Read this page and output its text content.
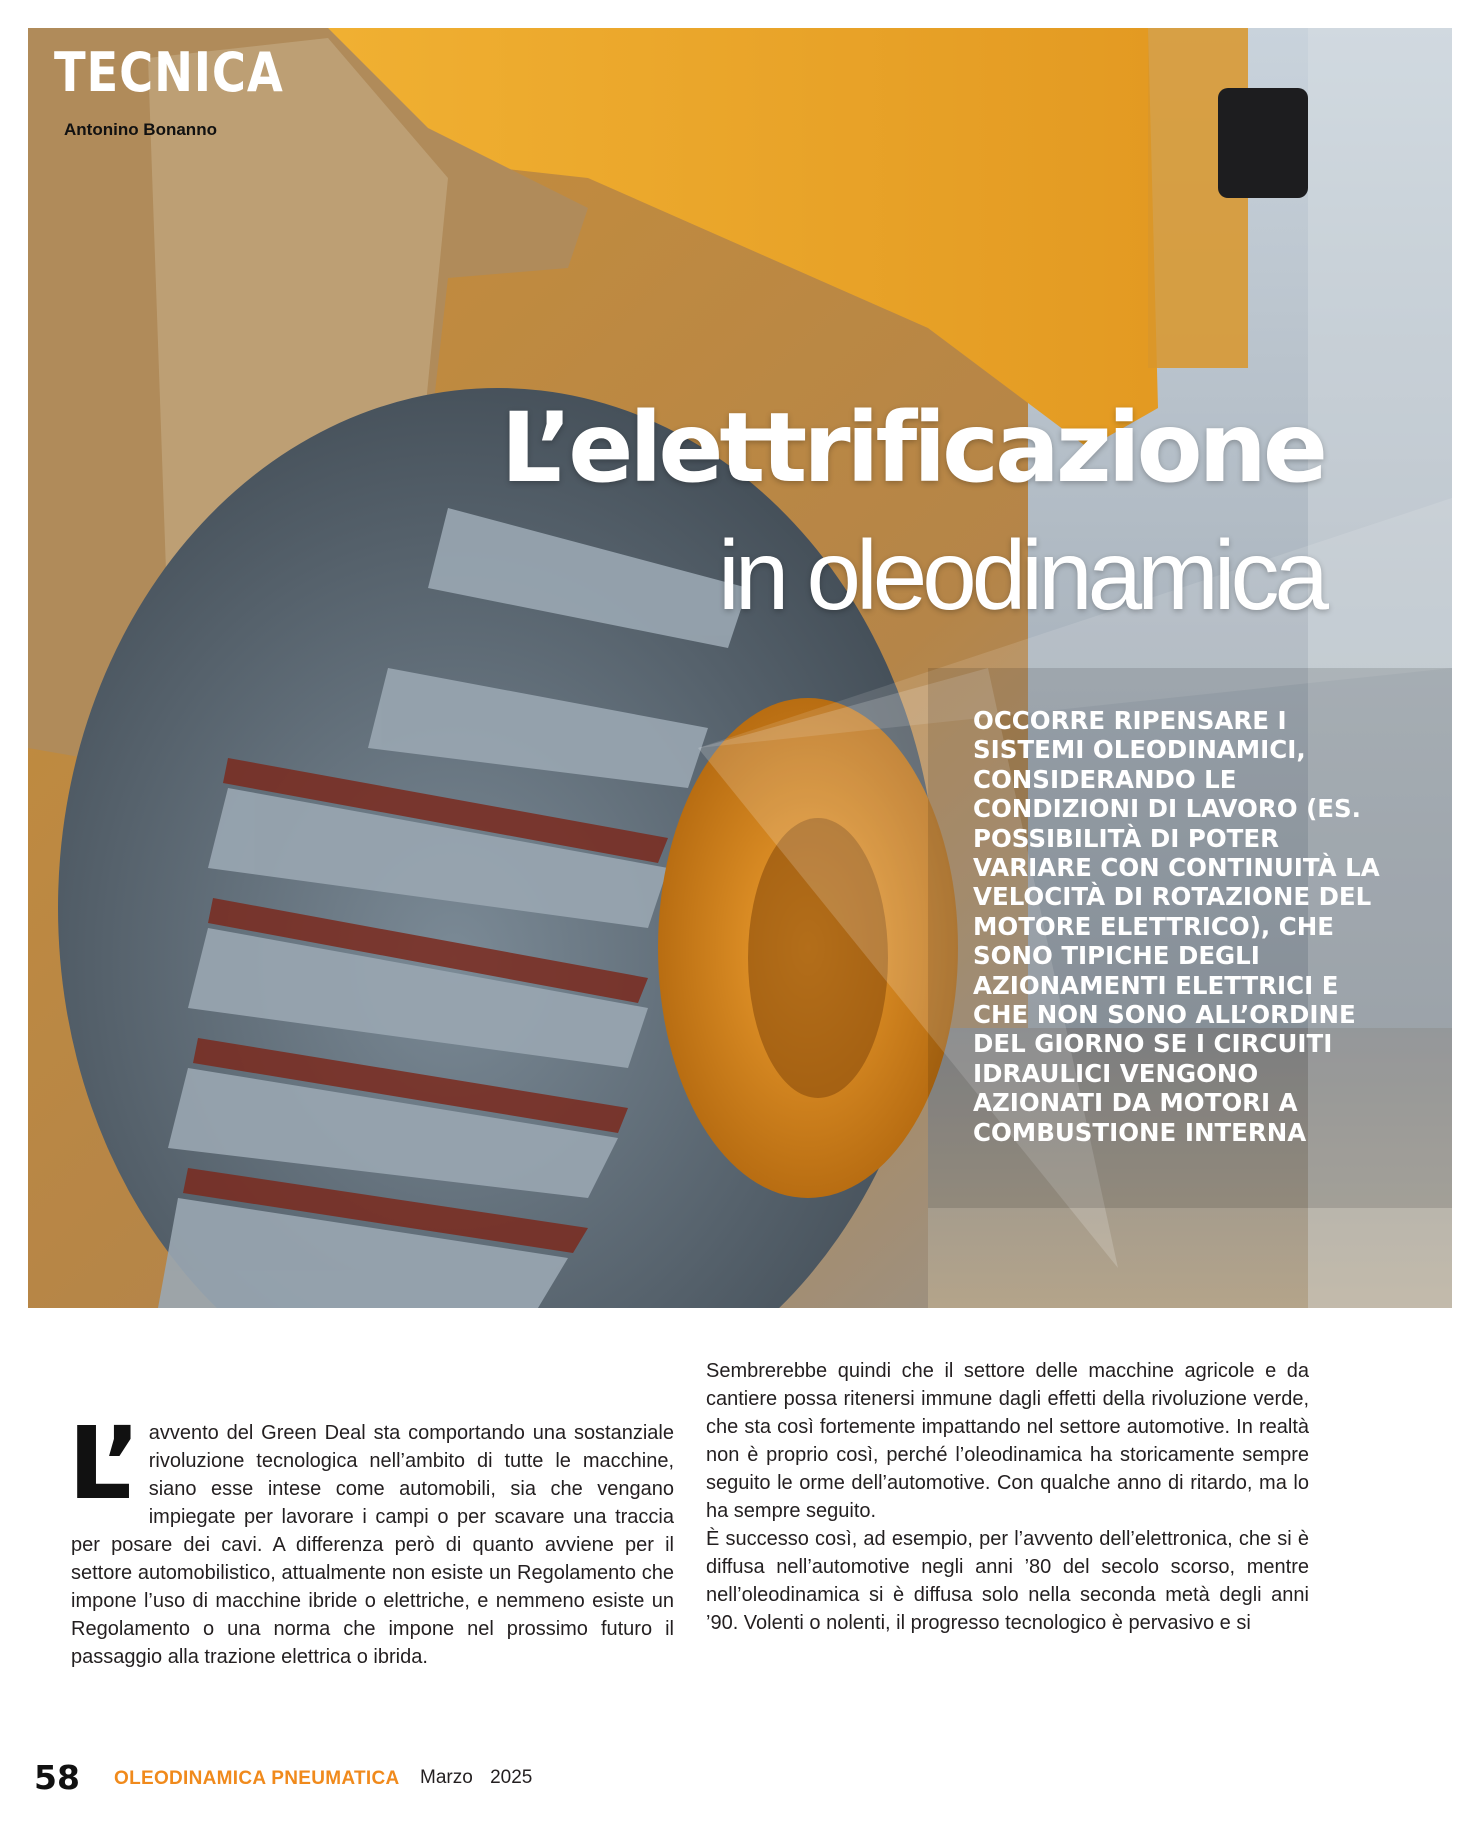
TECNICA
Antonino Bonanno
L’elettrificazione
in oleodinamica
OCCORRE RIPENSARE I SISTEMI OLEODINAMICI, CONSIDERANDO LE CONDIZIONI DI LAVORO (ES. POSSIBILITÀ DI POTER VARIARE CON CONTINUITÀ LA VELOCITÀ DI ROTAZIONE DEL MOTORE ELETTRICO), CHE SONO TIPICHE DEGLI AZIONAMENTI ELETTRICI E CHE NON SONO ALL’ORDINE DEL GIORNO SE I CIRCUITI IDRAULICI VENGONO AZIONATI DA MOTORI A COMBUSTIONE INTERNA
L’ avvento del Green Deal sta comportando una sostanziale rivoluzione tecnologica nell’ambito di tutte le macchine, siano esse intese come automobili, sia che vengano impiegate per lavorare i campi o per scavare una traccia per posare dei cavi. A differenza però di quanto avviene per il settore automobilistico, attualmente non esiste un Regolamento che impone l’uso di macchine ibride o elettriche, e nemmeno esiste un Regolamento o una norma che impone nel prossimo futuro il passaggio alla trazione elettrica o ibrida.

Sembrerebbe quindi che il settore delle macchine agricole e da cantiere possa ritenersi immune dagli effetti della rivoluzione verde, che sta così fortemente impattando nel settore automotive. In realtà non è proprio così, perché l’oleodinamica ha storicamente sempre seguito le orme dell’automotive. Con qualche anno di ritardo, ma lo ha sempre seguito.

È successo così, ad esempio, per l’avvento dell’elettronica, che si è diffusa nell’automotive negli anni ’80 del secolo scorso, mentre nell’oleodinamica si è diffusa solo nella seconda metà degli anni ’90. Volenti o nolenti, il progresso tecnologico è pervasivo e si

58 OLEODINAMICA PNEUMATICA Marzo 2025
